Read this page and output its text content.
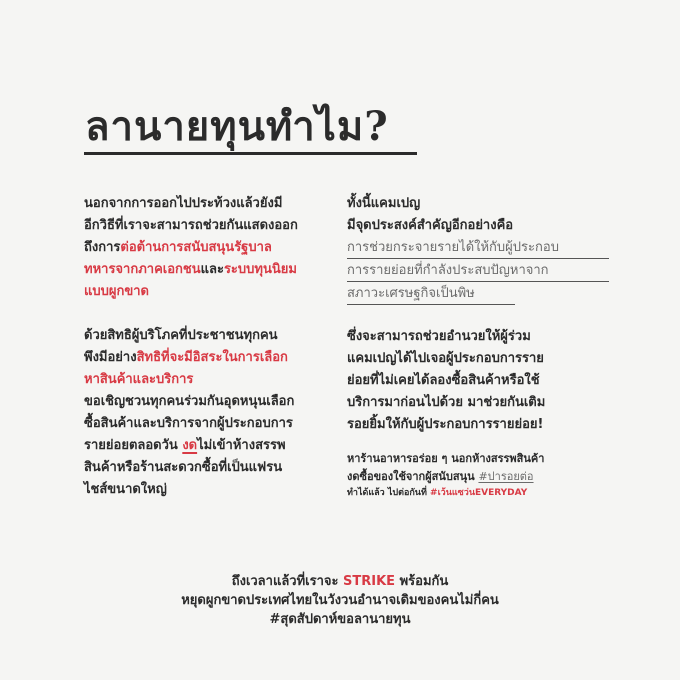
ลานายทุนทำไม?
นอกจากการออกไปประท้วงแล้วยังมี
อีกวิธีที่เราจะสามารถช่วยกันแสดงออก
ถึงการต่อต้านการสนับสนุนรัฐบาล
ทหารจากภาคเอกชนและระบบทุนนิยม
แบบผูกขาด
ด้วยสิทธิผู้บริโภคที่ประชาชนทุกคน
พึงมีอย่างสิทธิที่จะมีอิสระในการเลือก
หาสินค้าและบริการ
ขอเชิญชวนทุกคนร่วมกันอุดหนุนเลือก
ซื้อสินค้าและบริการจากผู้ประกอบการ
รายย่อยตลอดวัน งดไม่เข้าห้างสรรพ
สินค้าหรือร้านสะดวกซื้อที่เป็นแฟรน
ไชส์ขนาดใหญ่
ทั้งนี้แคมเปญ
มีจุดประสงค์สำคัญอีกอย่างคือ
การช่วยกระจายรายได้ให้กับผู้ประกอบ
การรายย่อยที่กำลังประสบปัญหาจาก
สภาวะเศรษฐกิจเป็นพิษ
ซึ่งจะสามารถช่วยอำนวยให้ผู้ร่วม
แคมเปญได้ไปเจอผู้ประกอบการราย
ย่อยที่ไม่เคยได้ลองซื้อสินค้าหรือใช้
บริการมาก่อนไปด้วย มาช่วยกันเติม
รอยยิ้มให้กับผู้ประกอบการรายย่อย!
หาร้านอาหารอร่อย ๆ นอกห้างสรรพสินค้า
งดซื้อของใช้จากผู้สนับสนุน #ปารอยต่อ
ทำได้แล้ว ไปต่อกันที่ #เว้นแซว่นEVERYDAY
ถึงเวลาแล้วที่เราจะ STRIKE พร้อมกัน
หยุดผูกขาดประเทศไทยในวังวนอำนาจเดิมของคนไม่กี่คน
#สุดสัปดาห์ขอลานายทุน
